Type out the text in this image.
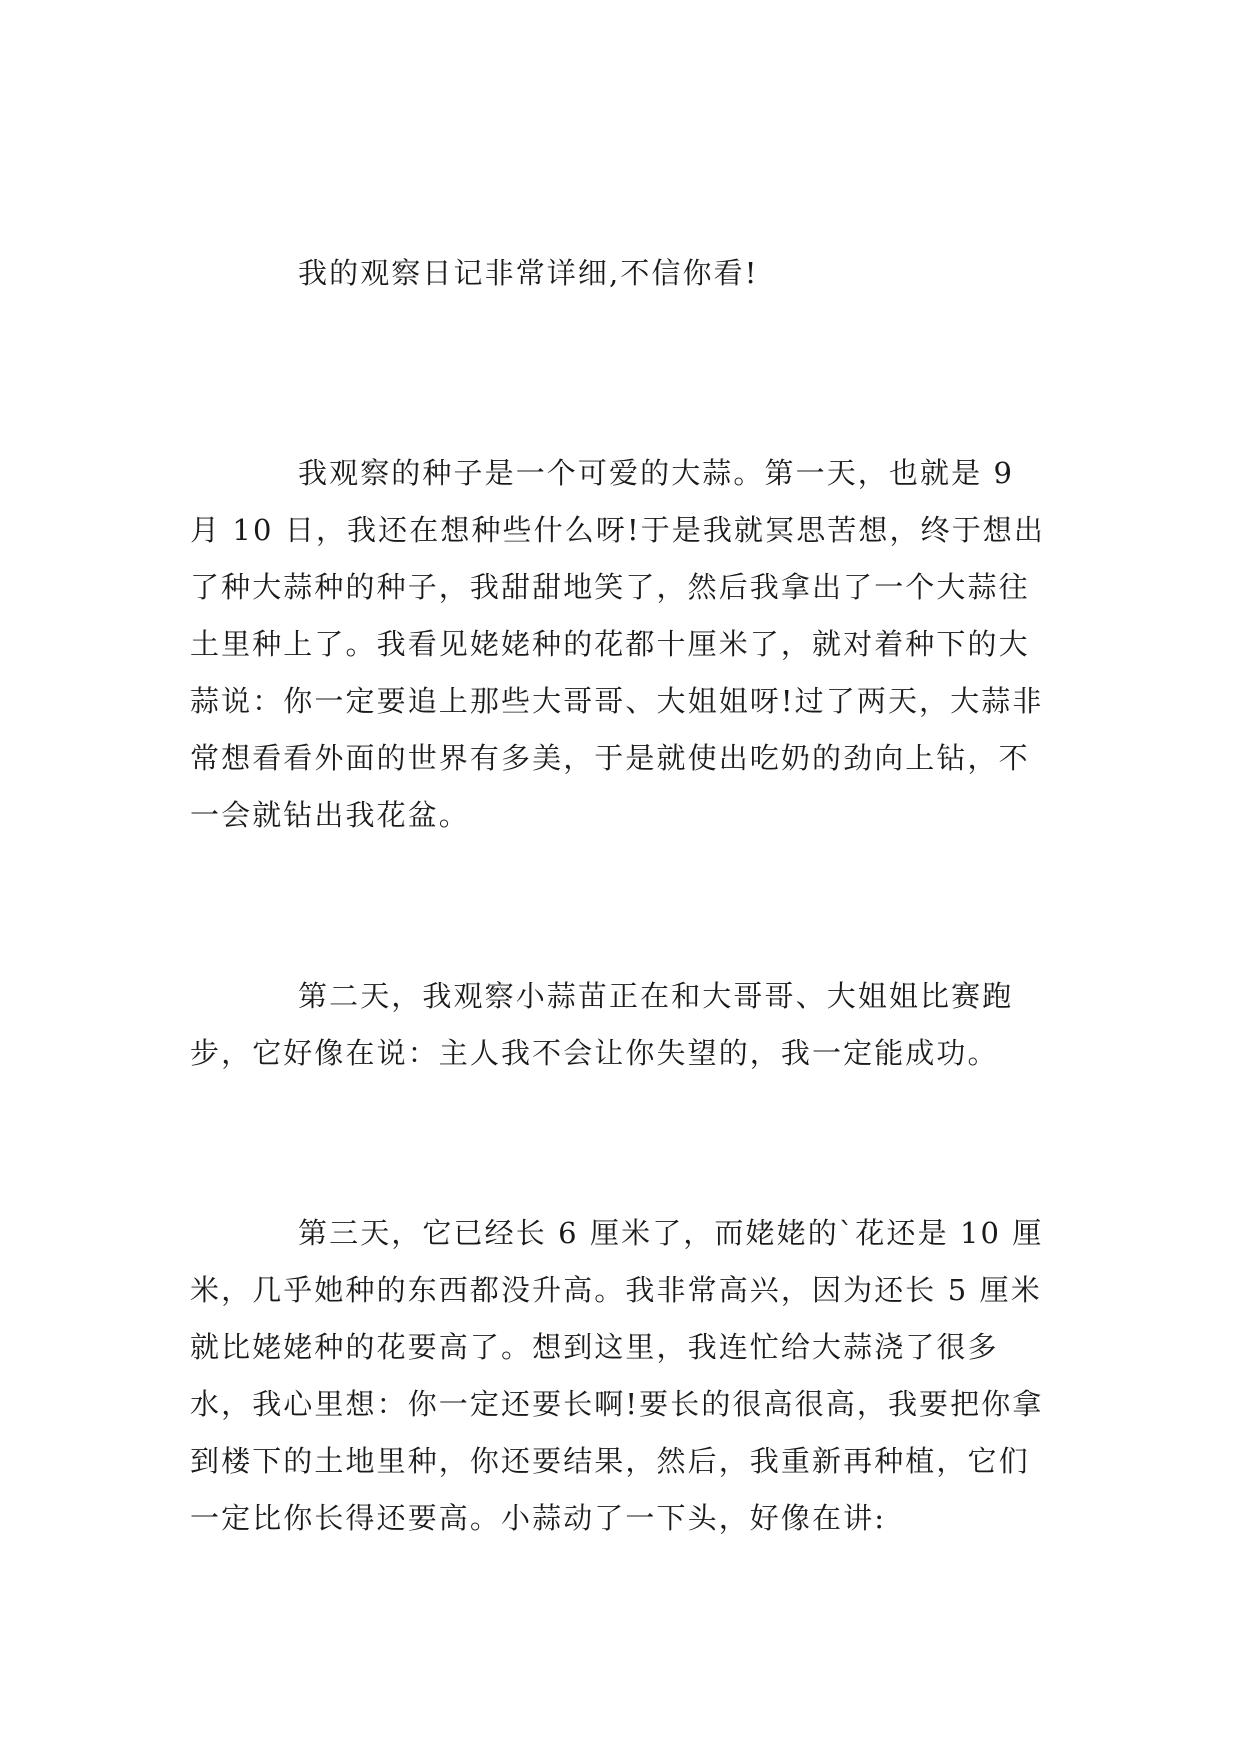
我的观察日记非常详细,不信你看!

我观察的种子是一个可爱的大蒜。第一天，也就是 9 月 10 日，我还在想种些什么呀!于是我就冥思苦想，终于想出了种大蒜种的种子，我甜甜地笑了，然后我拿出了一个大蒜往土里种上了。我看见姥姥种的花都十厘米了，就对着种下的大蒜说：你一定要追上那些大哥哥、大姐姐呀!过了两天，大蒜非常想看看外面的世界有多美，于是就使出吃奶的劲向上钻，不一会就钻出我花盆。

第二天，我观察小蒜苗正在和大哥哥、大姐姐比赛跑步，它好像在说：主人我不会让你失望的，我一定能成功。

第三天，它已经长 6 厘米了，而姥姥的`花还是 10 厘米，几乎她种的东西都没升高。我非常高兴，因为还长 5 厘米就比姥姥种的花要高了。想到这里，我连忙给大蒜浇了很多水，我心里想：你一定还要长啊!要长的很高很高，我要把你拿到楼下的土地里种，你还要结果，然后，我重新再种植，它们一定比你长得还要高。小蒜动了一下头，好像在讲:
